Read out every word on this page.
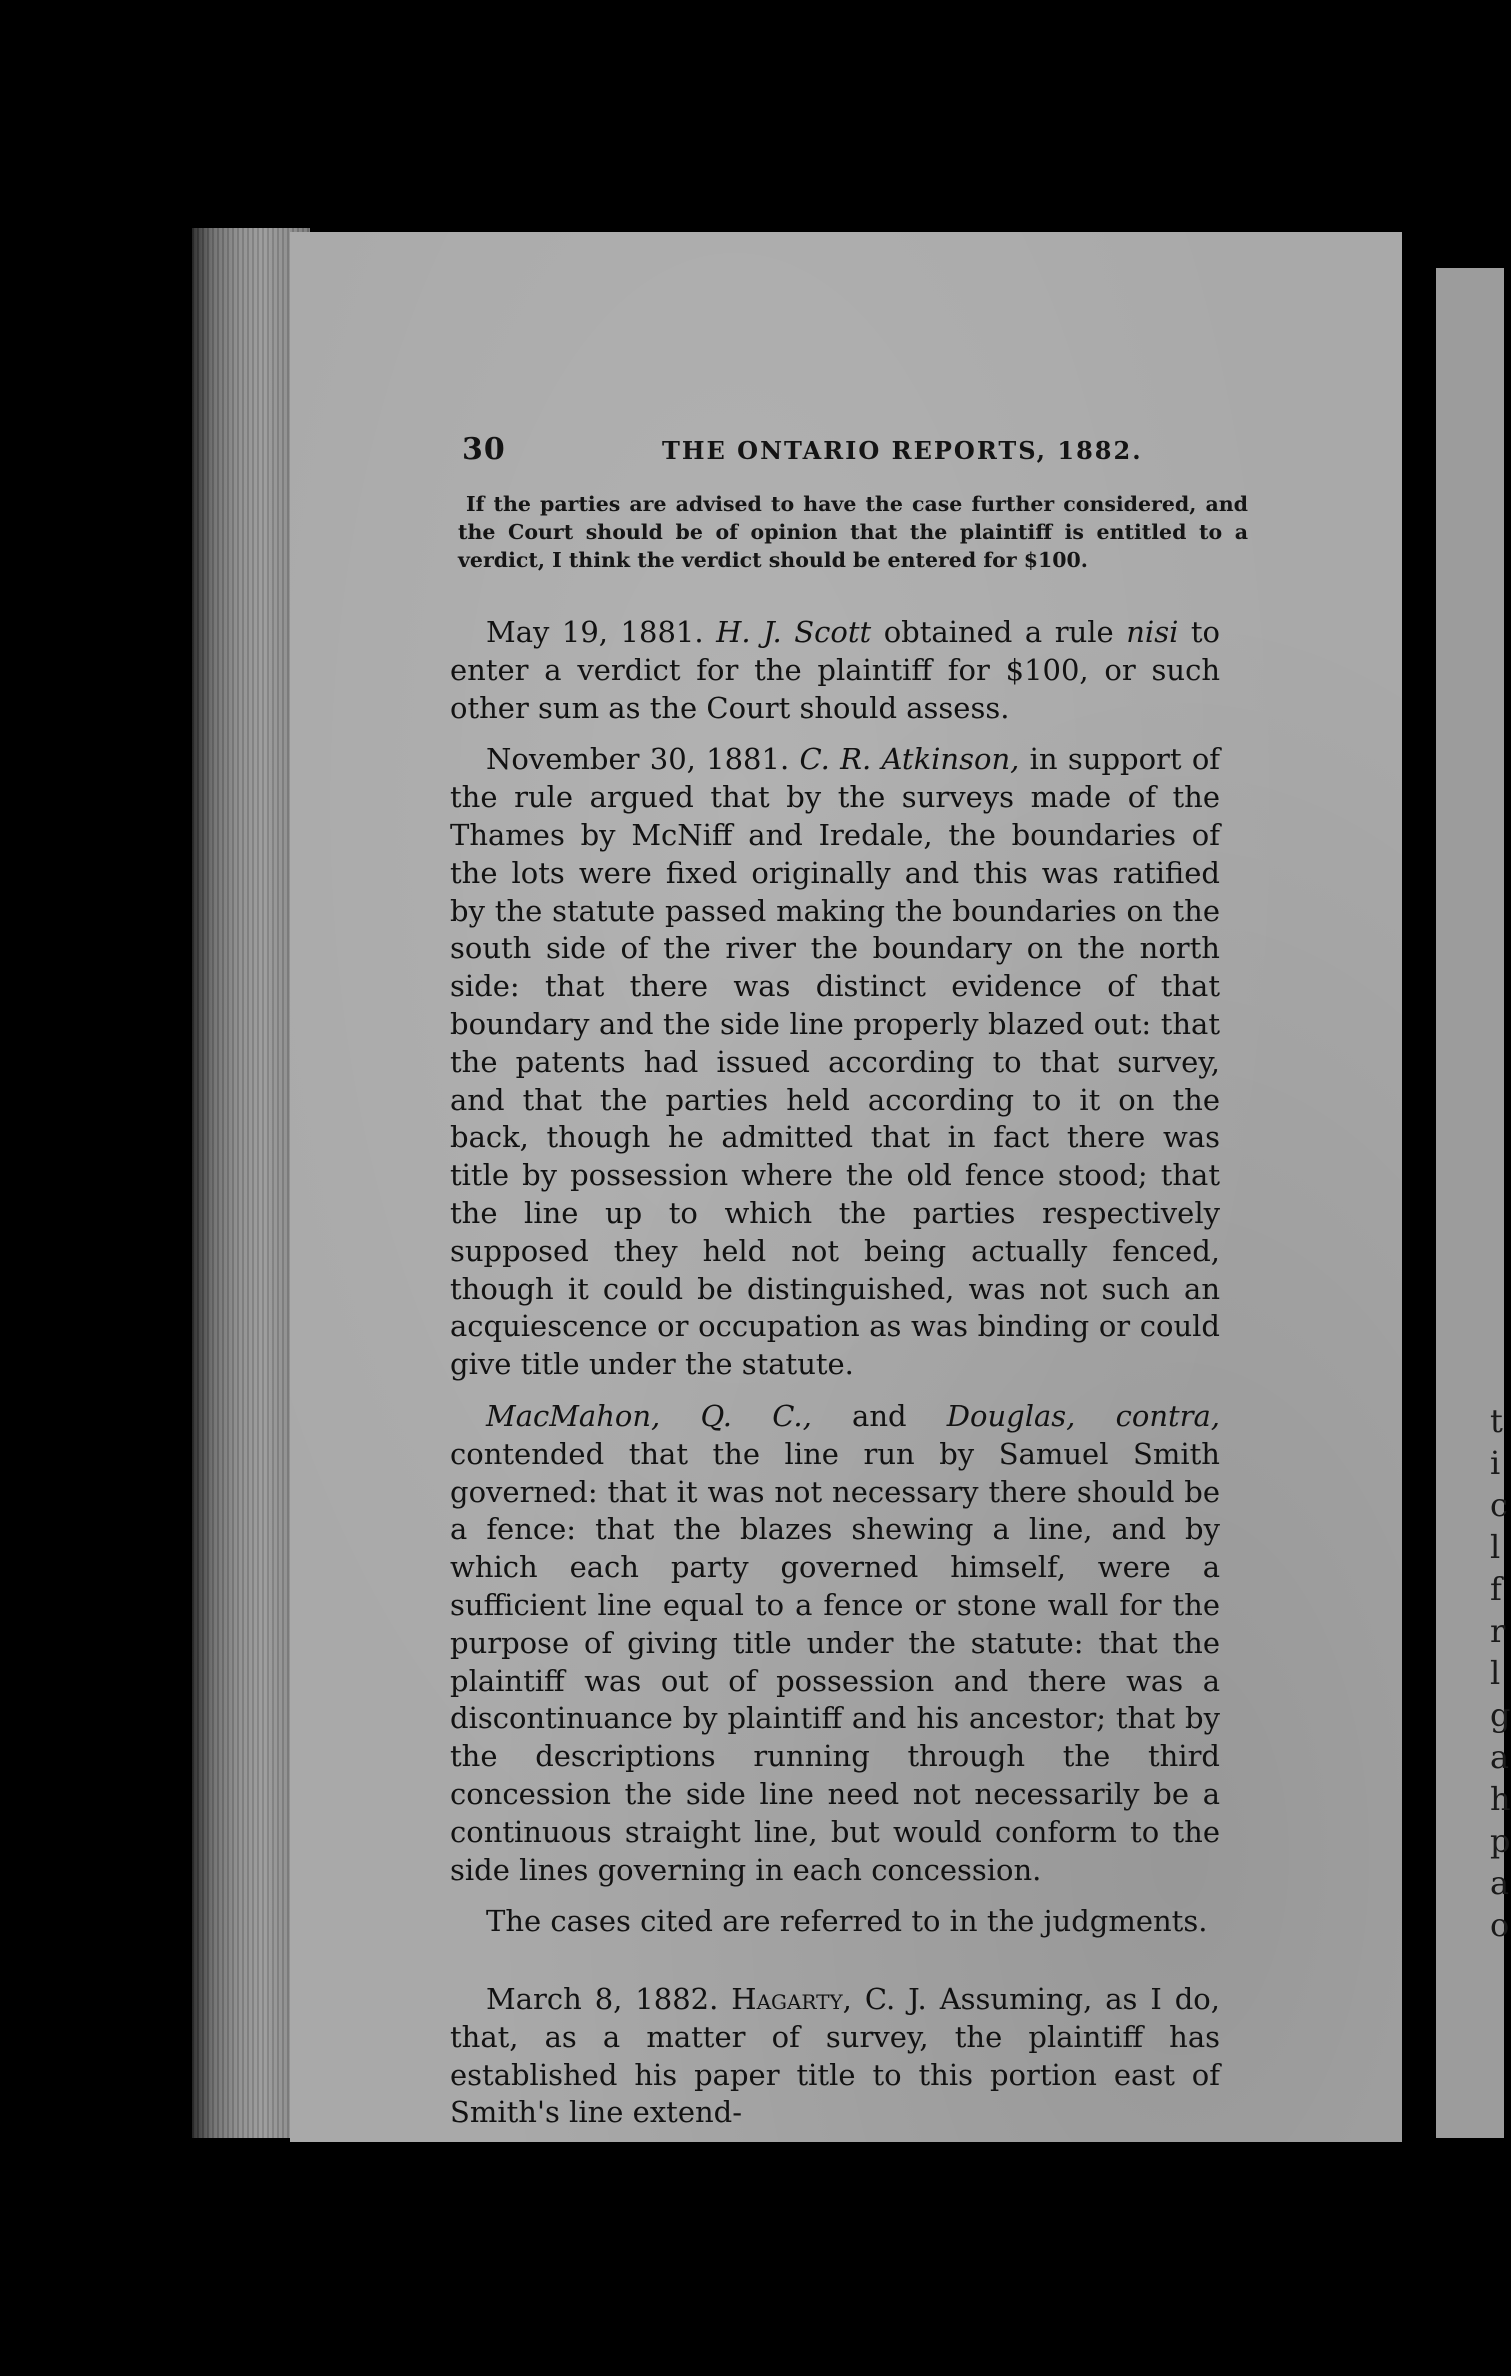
t
i
c
l
f
r
l
g
a
h
p
a
o
30	THE ONTARIO REPORTS, 1882.
If the parties are advised to have the case further considered, and the Court should be of opinion that the plaintiff is entitled to a verdict, I think the verdict should be entered for $100.

May 19, 1881. H. J. Scott obtained a rule nisi to enter a verdict for the plaintiff for $100, or such other sum as the Court should assess.

November 30, 1881. C. R. Atkinson, in support of the rule argued that by the surveys made of the Thames by McNiff and Iredale, the boundaries of the lots were fixed originally and this was ratified by the statute passed making the boundaries on the south side of the river the boundary on the north side: that there was distinct evidence of that boundary and the side line properly blazed out: that the patents had issued according to that survey, and that the parties held according to it on the back, though he admitted that in fact there was title by possession where the old fence stood; that the line up to which the parties respectively supposed they held not being actually fenced, though it could be distinguished, was not such an acquiescence or occupation as was binding or could give title under the statute.

MacMahon, Q. C., and Douglas, contra, contended that the line run by Samuel Smith governed: that it was not necessary there should be a fence: that the blazes shewing a line, and by which each party governed himself, were a sufficient line equal to a fence or stone wall for the purpose of giving title under the statute: that the plaintiff was out of possession and there was a discontinuance by plaintiff and his ancestor; that by the descriptions running through the third concession the side line need not necessarily be a continuous straight line, but would conform to the side lines governing in each concession.

The cases cited are referred to in the judgments.

March 8, 1882. Hagarty, C. J. Assuming, as I do, that, as a matter of survey, the plaintiff has established his paper title to this portion east of Smith's line extend-
